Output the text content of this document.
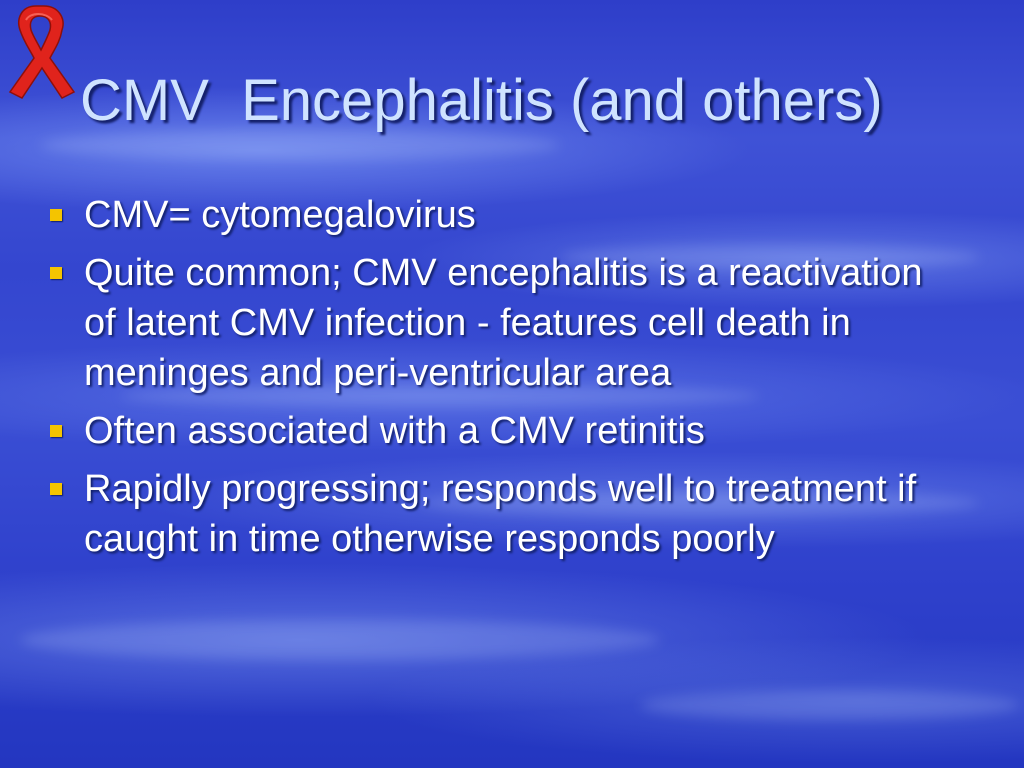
CMV  Encephalitis (and others)
CMV= cytomegalovirus
Quite common; CMV encephalitis is a reactivation of latent CMV infection - features cell death in meninges and peri-ventricular area
Often associated with a CMV retinitis
Rapidly progressing; responds well to treatment if caught in time otherwise responds poorly
